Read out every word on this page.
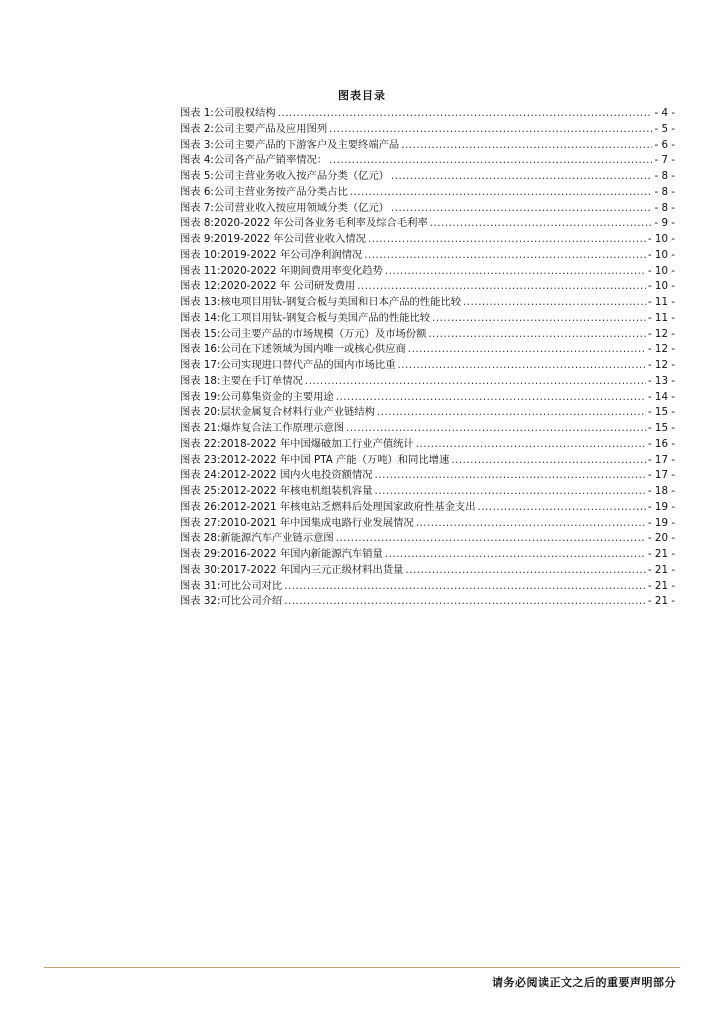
图表目录
图表 1: 公司股权结构 .....	- 4 -
图表 2: 公司主要产品及应用图列 .....	- 5 -
图表 3: 公司主要产品的下游客户及主要终端产品 .....	- 6 -
图表 4: 公司各产品产销率情况： .....	- 7 -
图表 5: 公司主营业务收入按产品分类（亿元） .....	- 8 -
图表 6: 公司主营业务按产品分类占比 .....	- 8 -
图表 7: 公司营业收入按应用领域分类（亿元） .....	- 8 -
图表 8: 2020-2022 年公司各业务毛利率及综合毛利率 .....	- 9 -
图表 9: 2019-2022 年公司营业收入情况 .....	- 10 -
图表 10: 2019-2022 年公司净利润情况 .....	- 10 -
图表 11: 2020-2022 年期间费用率变化趋势 .....	- 10 -
图表 12: 2020-2022 年 公司研发费用 .....	- 10 -
图表 13: 核电项目用钛-钢复合板与美国和日本产品的性能比较 .....	- 11 -
图表 14: 化工项目用钛-钢复合板与美国产品的性能比较 .....	- 11 -
图表 15: 公司主要产品的市场规模（万元）及市场份额 .....	- 12 -
图表 16: 公司在下述领域为国内唯一或核心供应商 .....	- 12 -
图表 17: 公司实现进口替代产品的国内市场比重 .....	- 12 -
图表 18: 主要在手订单情况 .....	- 13 -
图表 19: 公司募集资金的主要用途 .....	- 14 -
图表 20: 层状金属复合材料行业产业链结构 .....	- 15 -
图表 21: 爆炸复合法工作原理示意图 .....	- 15 -
图表 22: 2018-2022 年中国爆破加工行业产值统计 .....	- 16 -
图表 23: 2012-2022 年中国 PTA 产能（万吨）和同比增速 .....	- 17 -
图表 24: 2012-2022 国内火电投资额情况 .....	- 17 -
图表 25: 2012-2022 年核电机组装机容量 .....	- 18 -
图表 26: 2012-2021 年核电站乏燃料后处理国家政府性基金支出 .....	- 19 -
图表 27: 2010-2021 年中国集成电路行业发展情况 .....	- 19 -
图表 28: 新能源汽车产业链示意图 .....	- 20 -
图表 29: 2016-2022 年国内新能源汽车销量 .....	- 21 -
图表 30: 2017-2022 年国内三元正级材料出货量 .....	- 21 -
图表 31: 可比公司对比 .....	- 21 -
图表 32: 可比公司介绍 .....	- 21 -
请务必阅读正文之后的重要声明部分
